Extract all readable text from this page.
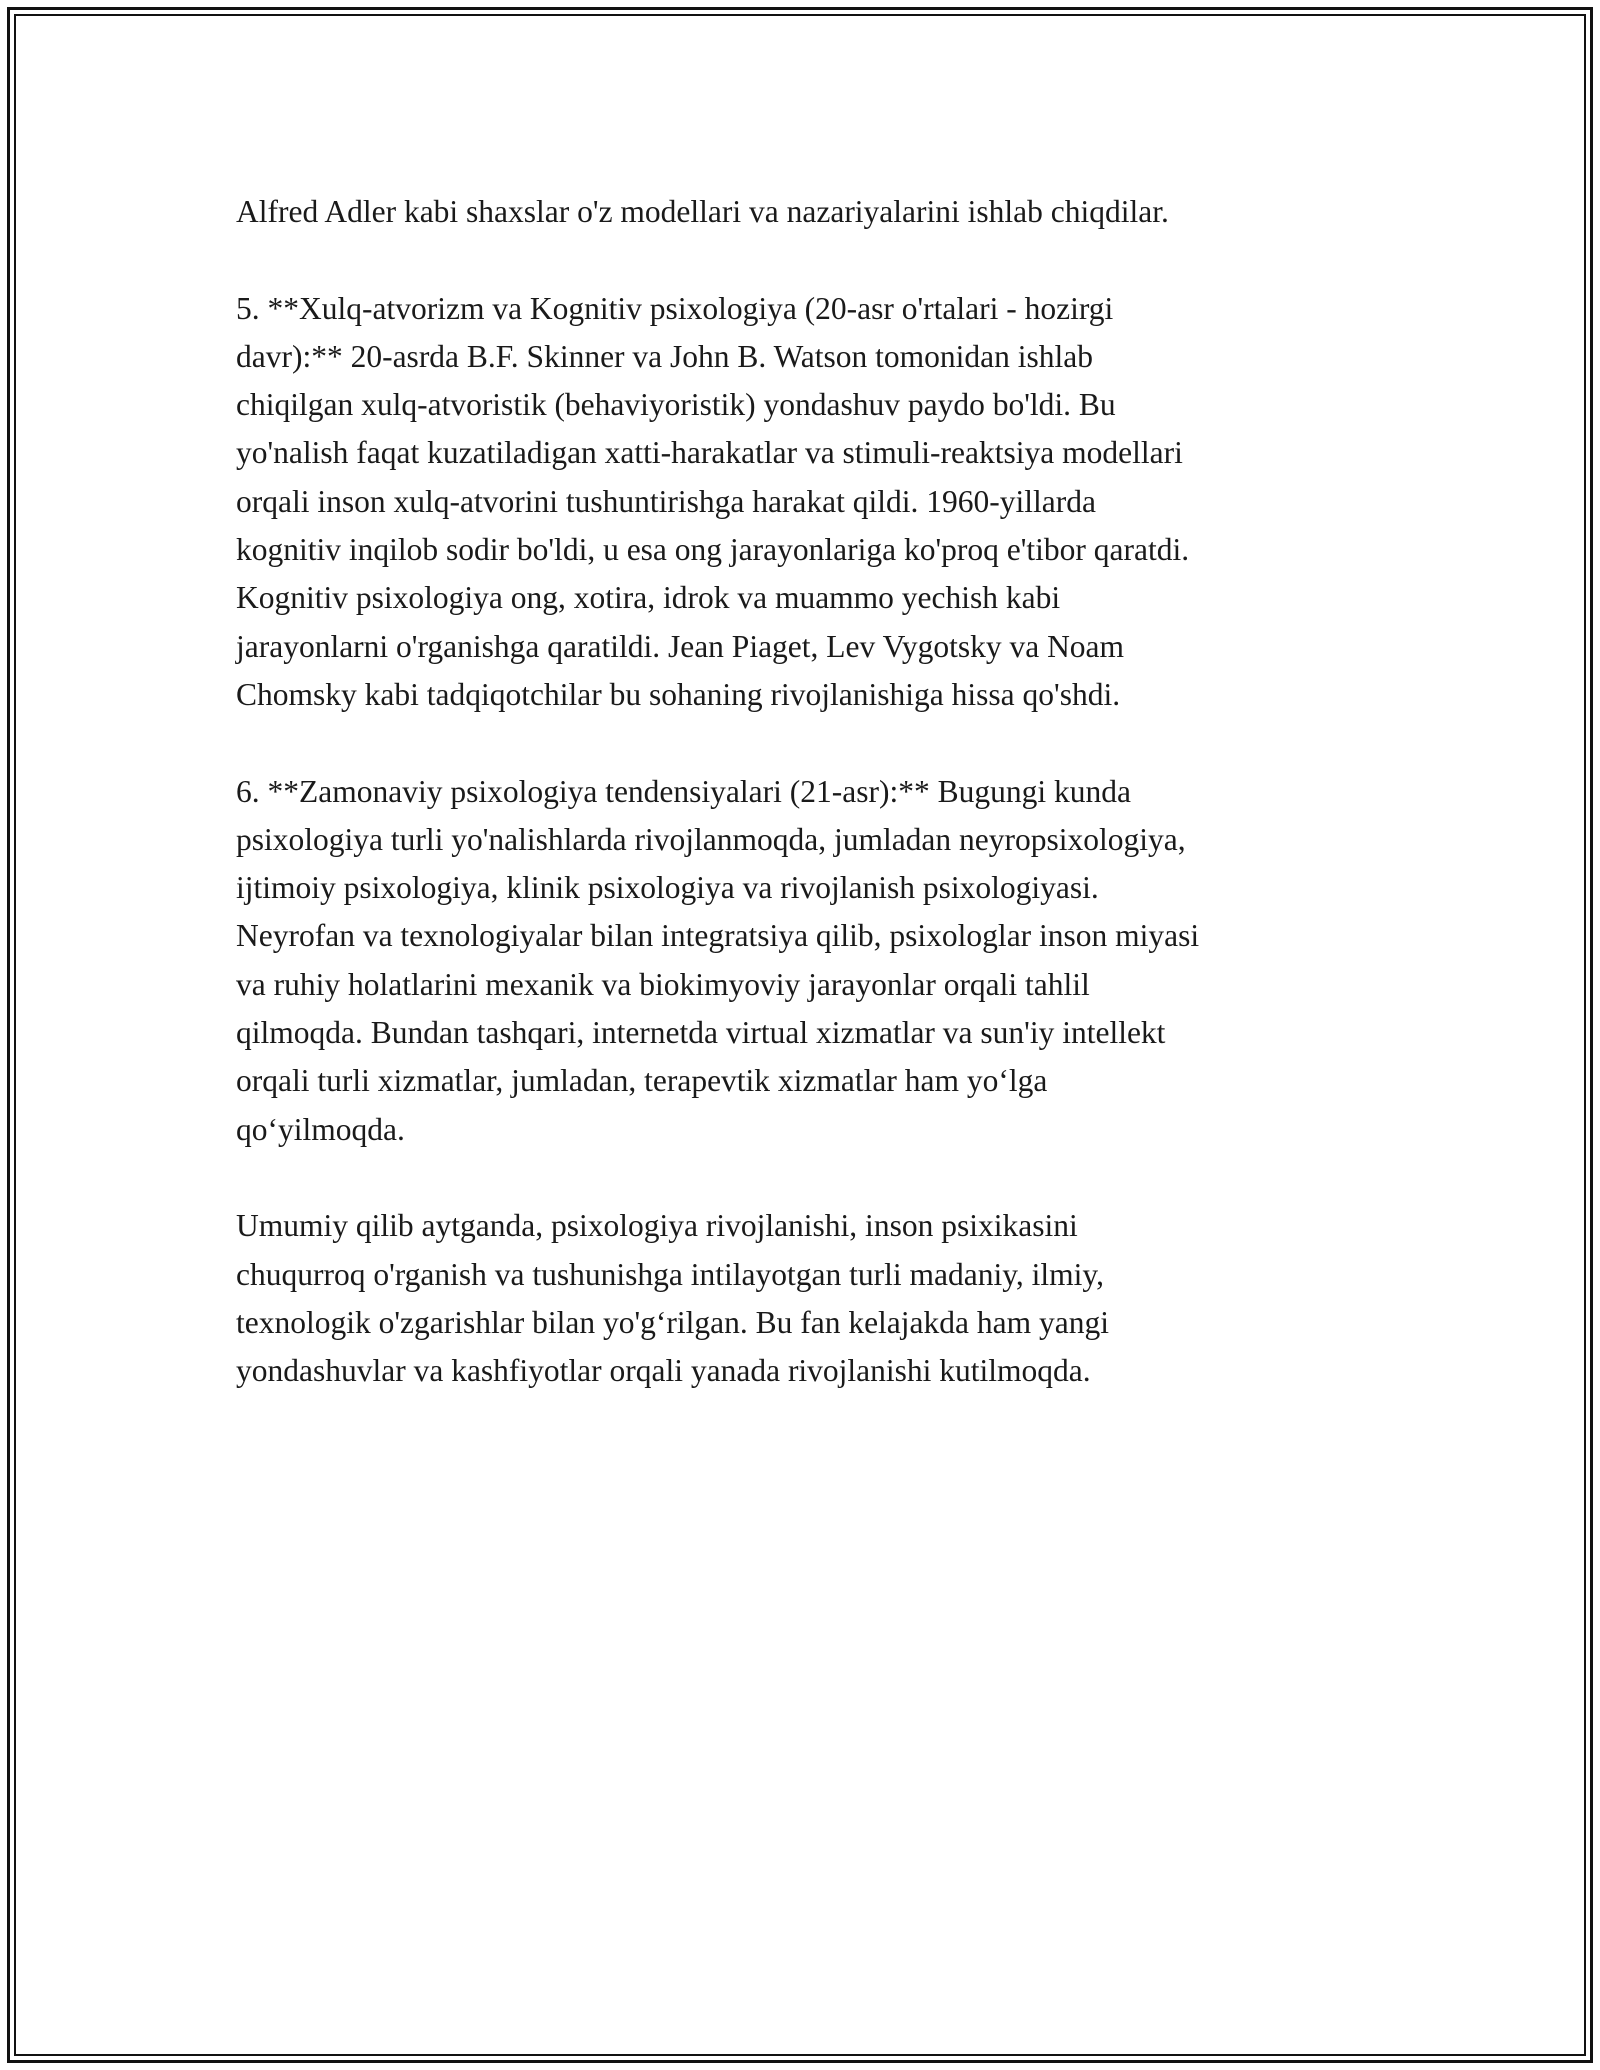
Alfred Adler kabi shaxslar o'z modellari va nazariyalarini ishlab chiqdilar.

5. **Xulq-atvorizm va Kognitiv psixologiya (20-asr o'rtalari - hozirgi
davr):** 20-asrda B.F. Skinner va John B. Watson tomonidan ishlab
chiqilgan xulq-atvoristik (behaviyoristik) yondashuv paydo bo'ldi. Bu
yo'nalish faqat kuzatiladigan xatti-harakatlar va stimuli-reaktsiya modellari
orqali inson xulq-atvorini tushuntirishga harakat qildi. 1960-yillarda
kognitiv inqilob sodir bo'ldi, u esa ong jarayonlariga ko'proq e'tibor qaratdi.
Kognitiv psixologiya ong, xotira, idrok va muammo yechish kabi
jarayonlarni o'rganishga qaratildi. Jean Piaget, Lev Vygotsky va Noam
Chomsky kabi tadqiqotchilar bu sohaning rivojlanishiga hissa qo'shdi.

6. **Zamonaviy psixologiya tendensiyalari (21-asr):** Bugungi kunda
psixologiya turli yo'nalishlarda rivojlanmoqda, jumladan neyropsixologiya,
ijtimoiy psixologiya, klinik psixologiya va rivojlanish psixologiyasi.
Neyrofan va texnologiyalar bilan integratsiya qilib, psixologlar inson miyasi
va ruhiy holatlarini mexanik va biokimyoviy jarayonlar orqali tahlil
qilmoqda. Bundan tashqari, internetda virtual xizmatlar va sun'iy intellekt
orqali turli xizmatlar, jumladan, terapevtik xizmatlar ham yo‘lga
qo‘yilmoqda.

Umumiy qilib aytganda, psixologiya rivojlanishi, inson psixikasini
chuqurroq o'rganish va tushunishga intilayotgan turli madaniy, ilmiy,
texnologik o'zgarishlar bilan yo'g‘rilgan. Bu fan kelajakda ham yangi
yondashuvlar va kashfiyotlar orqali yanada rivojlanishi kutilmoqda.
